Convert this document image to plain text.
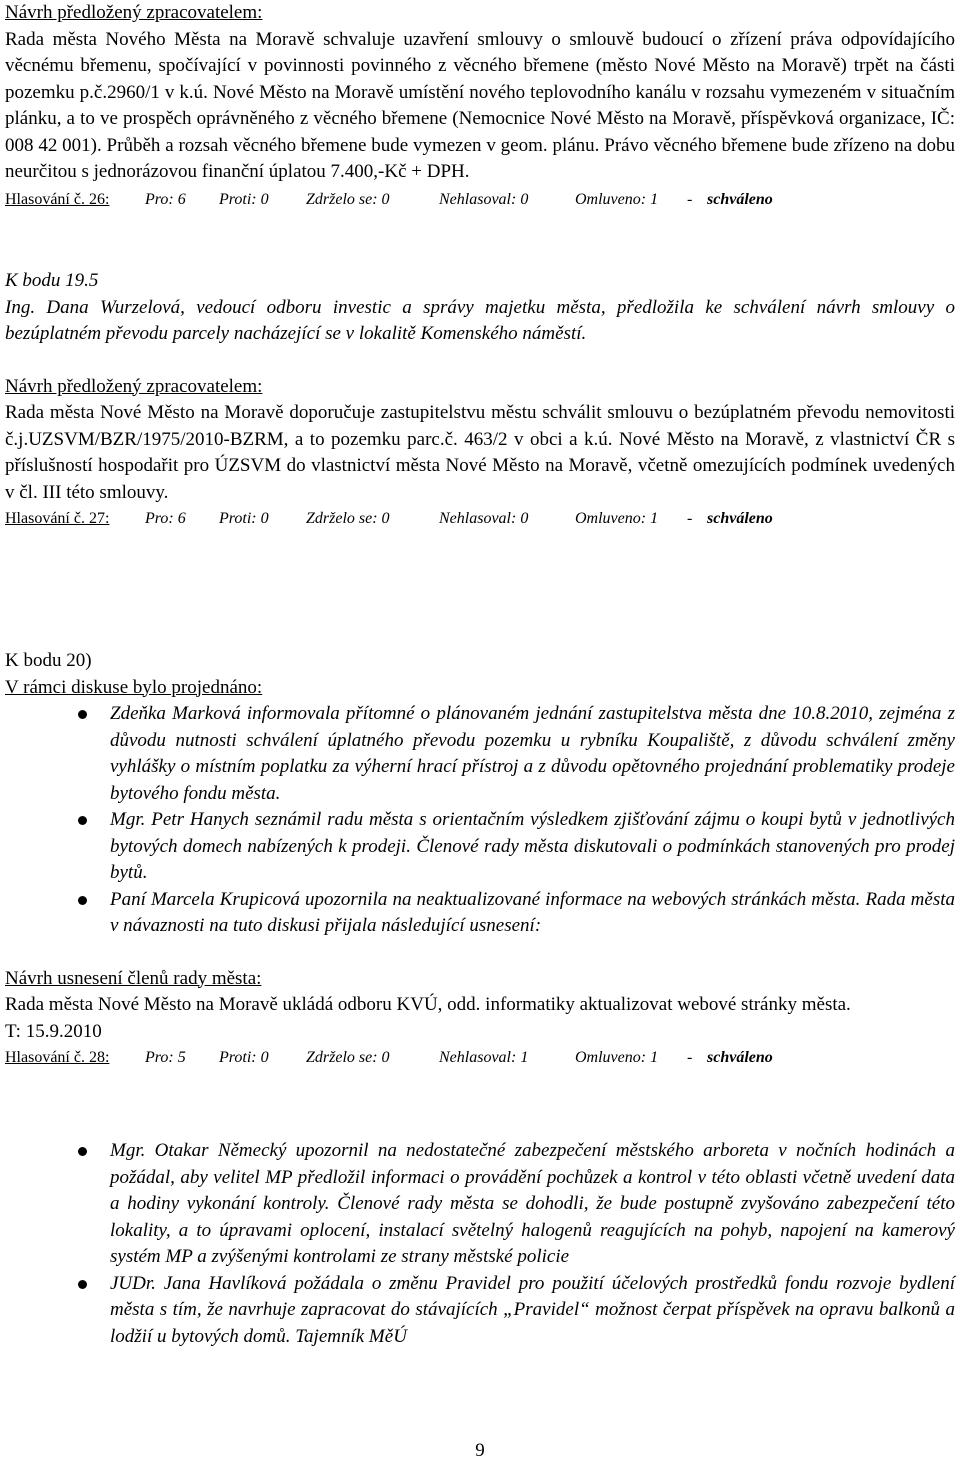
Návrh předložený zpracovatelem:

Rada města Nového Města na Moravě schvaluje uzavření smlouvy o smlouvě budoucí o zřízení práva odpovídajícího věcnému břemenu, spočívající v povinnosti povinného z věcného břemene (město Nové Město na Moravě) trpět na části pozemku p.č.2960/1 v k.ú. Nové Město na Moravě umístění nového teplovodního kanálu v rozsahu vymezeném v situačním plánku, a to ve prospěch oprávněného z věcného břemene (Nemocnice Nové Město na Moravě, příspěvková organizace, IČ: 008 42 001). Průběh a rozsah věcného břemene bude vymezen v geom. plánu. Právo věcného břemene bude zřízeno na dobu neurčitou s jednorázovou finanční úplatou 7.400,-Kč + DPH.

Hlasování č. 26: Pro: 6 Proti: 0 Zdrželo se: 0	Nehlasoval: 0	Omluveno: 1 - schváleno

K bodu 19.5

Ing. Dana Wurzelová, vedoucí odboru investic a správy majetku města, předložila ke schválení návrh smlouvy o bezúplatném převodu parcely nacházející se v lokalitě Komenského náměstí.

Návrh předložený zpracovatelem:

Rada města Nové Město na Moravě doporučuje zastupitelstvu městu schválit smlouvu o bezúplatném převodu nemovitosti č.j.UZSVM/BZR/1975/2010-BZRM, a to pozemku parc.č. 463/2 v obci a k.ú. Nové Město na Moravě, z vlastnictví ČR s příslušností hospodařit pro ÚZSVM do vlastnictví města Nové Město na Moravě, včetně omezujících podmínek uvedených v čl. III této smlouvy.

Hlasování č. 27: Pro: 6 Proti: 0 Zdrželo se: 0	Nehlasoval: 0	Omluveno: 1 - schváleno

K bodu 20)

V rámci diskuse bylo projednáno:

Zdeňka Marková informovala přítomné o plánovaném jednání zastupitelstva města dne 10.8.2010, zejména z důvodu nutnosti schválení úplatného převodu pozemku u rybníku Koupaliště, z důvodu schválení změny vyhlášky o místním poplatku za výherní hrací přístroj a z důvodu opětovného projednání problematiky prodeje bytového fondu města.
Mgr. Petr Hanych seznámil radu města s orientačním výsledkem zjišťování zájmu o koupi bytů v jednotlivých bytových domech nabízených k prodeji. Členové rady města diskutovali o podmínkách stanovených pro prodej bytů.
Paní Marcela Krupicová upozornila na neaktualizované informace na webových stránkách města. Rada města v návaznosti na tuto diskusi přijala následující usnesení:

Návrh usnesení členů rady města:

Rada města Nové Město na Moravě ukládá odboru KVÚ, odd. informatiky aktualizovat webové stránky města.

T: 15.9.2010

Hlasování č. 28: Pro: 5 Proti: 0 Zdrželo se: 0	Nehlasoval: 1	Omluveno: 1 - schváleno

Mgr. Otakar Německý upozornil na nedostatečné zabezpečení městského arboreta v nočních hodinách a požádal, aby velitel MP předložil informaci o provádění pochůzek a kontrol v této oblasti včetně uvedení data a hodiny vykonání kontroly. Členové rady města se dohodli, že bude postupně zvyšováno zabezpečení této lokality, a to úpravami oplocení, instalací světelný halogenů reagujících na pohyb, napojení na kamerový systém MP a zvýšenými kontrolami ze strany městské policie
JUDr. Jana Havlíková požádala o změnu Pravidel pro použití účelových prostředků fondu rozvoje bydlení města s tím, že navrhuje zapracovat do stávajících „Pravidel“ možnost čerpat příspěvek na opravu balkonů a lodžií u bytových domů. Tajemník MěÚ
9
